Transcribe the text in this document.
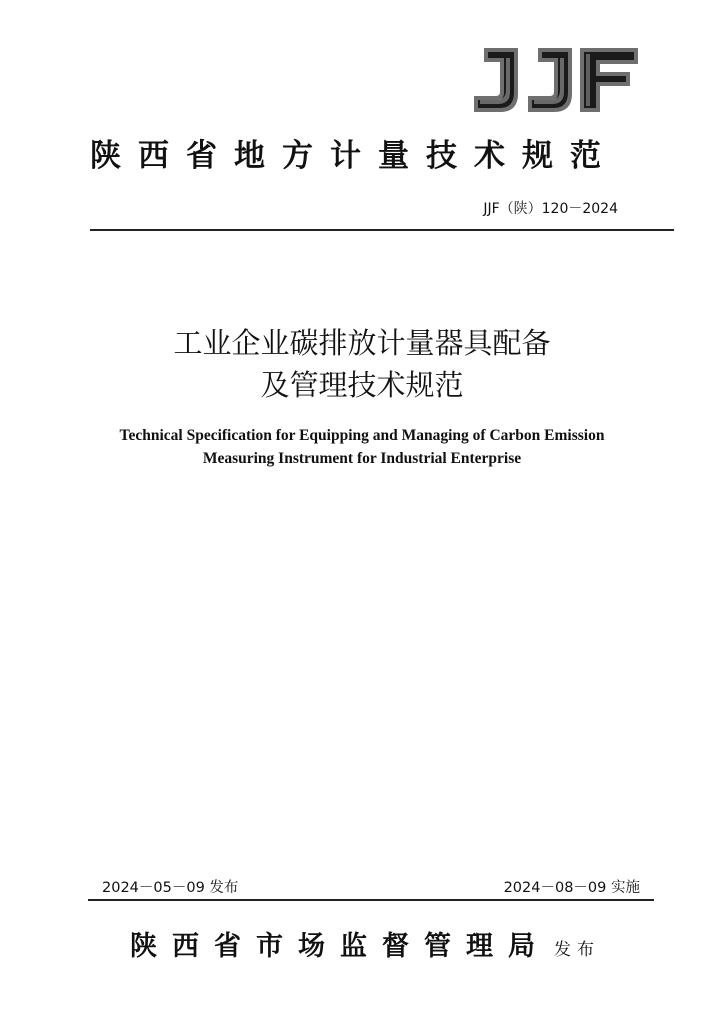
陕西省地方计量技术规范
JJF（陕）120－2024
工业企业碳排放计量器具配备
及管理技术规范
Technical Specification for Equipping and Managing of Carbon Emission
Measuring Instrument for Industrial Enterprise
2024－05－09 发布	2024－08－09 实施
陕西省市场监督管理局 发布
